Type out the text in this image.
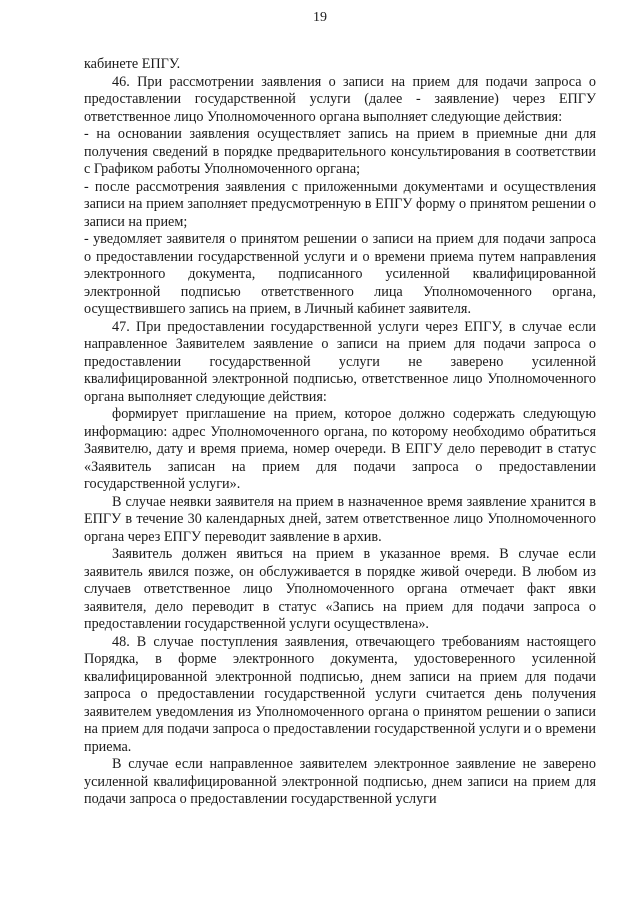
19

кабинете ЕПГУ.

46. При рассмотрении заявления о записи на прием для подачи запроса о предоставлении государственной услуги (далее - заявление) через ЕПГУ ответственное лицо Уполномоченного органа выполняет следующие действия:

- на основании заявления осуществляет запись на прием в приемные дни для получения сведений в порядке предварительного консультирования в соответствии с Графиком работы Уполномоченного органа;

- после рассмотрения заявления с приложенными документами и осуществления записи на прием заполняет предусмотренную в ЕПГУ форму о принятом решении о записи на прием;

- уведомляет заявителя о принятом решении о записи на прием для подачи запроса о предоставлении государственной услуги и о времени приема путем направления электронного документа, подписанного усиленной квалифицированной электронной подписью ответственного лица Уполномоченного органа, осуществившего запись на прием, в Личный кабинет заявителя.

47. При предоставлении государственной услуги через ЕПГУ, в случае если направленное Заявителем заявление о записи на прием для подачи запроса о предоставлении государственной услуги не заверено усиленной квалифицированной электронной подписью, ответственное лицо Уполномоченного органа выполняет следующие действия:

формирует приглашение на прием, которое должно содержать следующую информацию: адрес Уполномоченного органа, по которому необходимо обратиться Заявителю, дату и время приема, номер очереди. В ЕПГУ дело переводит в статус «Заявитель записан на прием для подачи запроса о предоставлении государственной услуги».

В случае неявки заявителя на прием в назначенное время заявление хранится в ЕПГУ в течение 30 календарных дней, затем ответственное лицо Уполномоченного органа через ЕПГУ переводит заявление в архив.

Заявитель должен явиться на прием в указанное время. В случае если заявитель явился позже, он обслуживается в порядке живой очереди. В любом из случаев ответственное лицо Уполномоченного органа отмечает факт явки заявителя, дело переводит в статус «Запись на прием для подачи запроса о предоставлении государственной услуги осуществлена».

48. В случае поступления заявления, отвечающего требованиям настоящего Порядка, в форме электронного документа, удостоверенного усиленной квалифицированной электронной подписью, днем записи на прием для подачи запроса о предоставлении государственной услуги считается день получения заявителем уведомления из Уполномоченного органа о принятом решении о записи на прием для подачи запроса о предоставлении государственной услуги и о времени приема.

В случае если направленное заявителем электронное заявление не заверено усиленной квалифицированной электронной подписью, днем записи на прием для подачи запроса о предоставлении государственной услуги
